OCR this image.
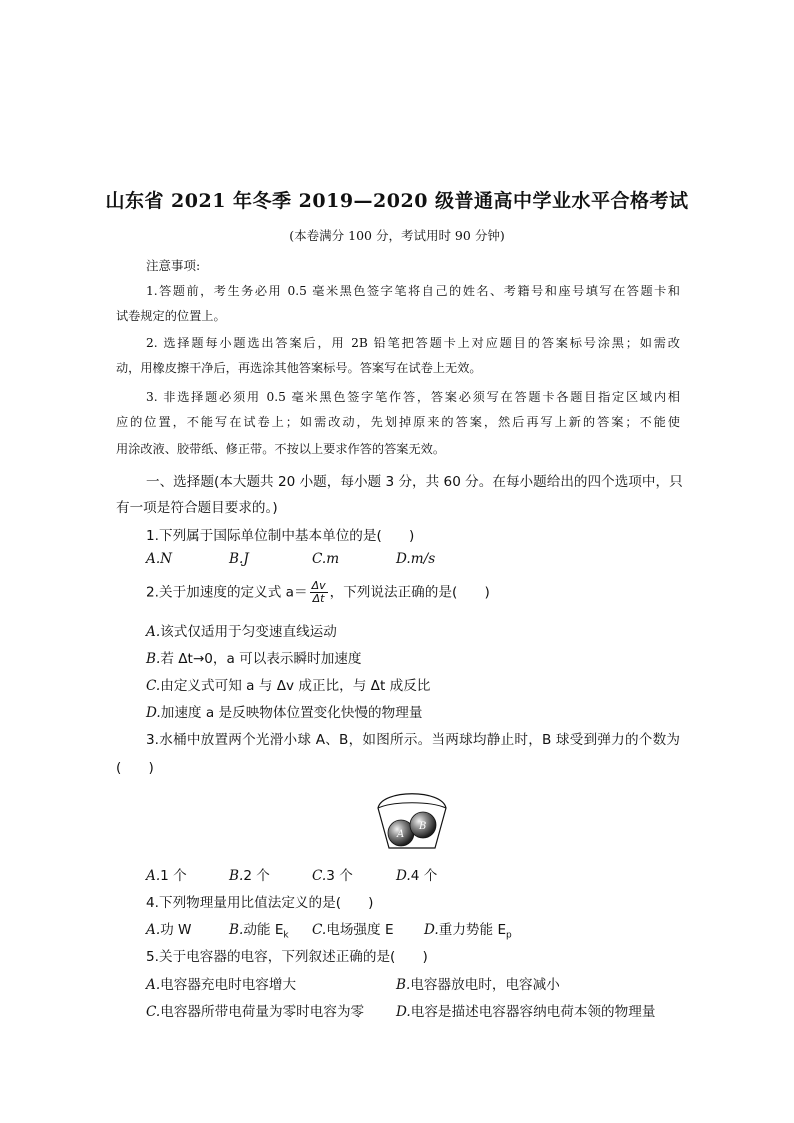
山东省 2021 年冬季 2019—2020 级普通高中学业水平合格考试
(本卷满分 100 分，考试用时 90 分钟)
注意事项:
1.答题前，考生务必用 0.5 毫米黑色签字笔将自己的姓名、考籍号和座号填写在答题卡和
试卷规定的位置上。
2. 选择题每小题选出答案后，用 2B 铅笔把答题卡上对应题目的答案标号涂黑；如需改
动，用橡皮擦干净后，再选涂其他答案标号。答案写在试卷上无效。
3. 非选择题必须用 0.5 毫米黑色签字笔作答，答案必须写在答题卡各题目指定区域内相
应的位置，不能写在试卷上；如需改动，先划掉原来的答案，然后再写上新的答案；不能使
用涂改液、胶带纸、修正带。不按以上要求作答的答案无效。
一、选择题(本大题共 20 小题，每小题 3 分，共 60 分。在每小题给出的四个选项中，只
有一项是符合题目要求的。)
1.下列属于国际单位制中基本单位的是(　　)
A.N	B.J	C.m	D.m/s
2.关于加速度的定义式 $a= \frac{\Delta v}{\Delta t}$ ，下列说法正确的是(　　)
A.该式仅适用于匀变速直线运动
B.若 Δt→0，a 可以表示瞬时加速度
C.由定义式可知 a 与 Δv 成正比，与 Δt 成反比
D.加速度 a 是反映物体位置变化快慢的物理量
3.水桶中放置两个光滑小球 A、B，如图所示。当两球均静止时，B 球受到弹力的个数为
(　　)
A
B
A.1 个	B.2 个	C.3 个	D.4 个
4.下列物理量用比值法定义的是(　　)
A.功 W	B.动能 $E_k$ C.电场强度 E D.重力势能 $E_p$
5.关于电容器的电容，下列叙述正确的是(　　)
A.电容器充电时电容增大	B.电容器放电时，电容减小
C.电容器所带电荷量为零时电容为零 D.电容是描述电容器容纳电荷本领的物理量
